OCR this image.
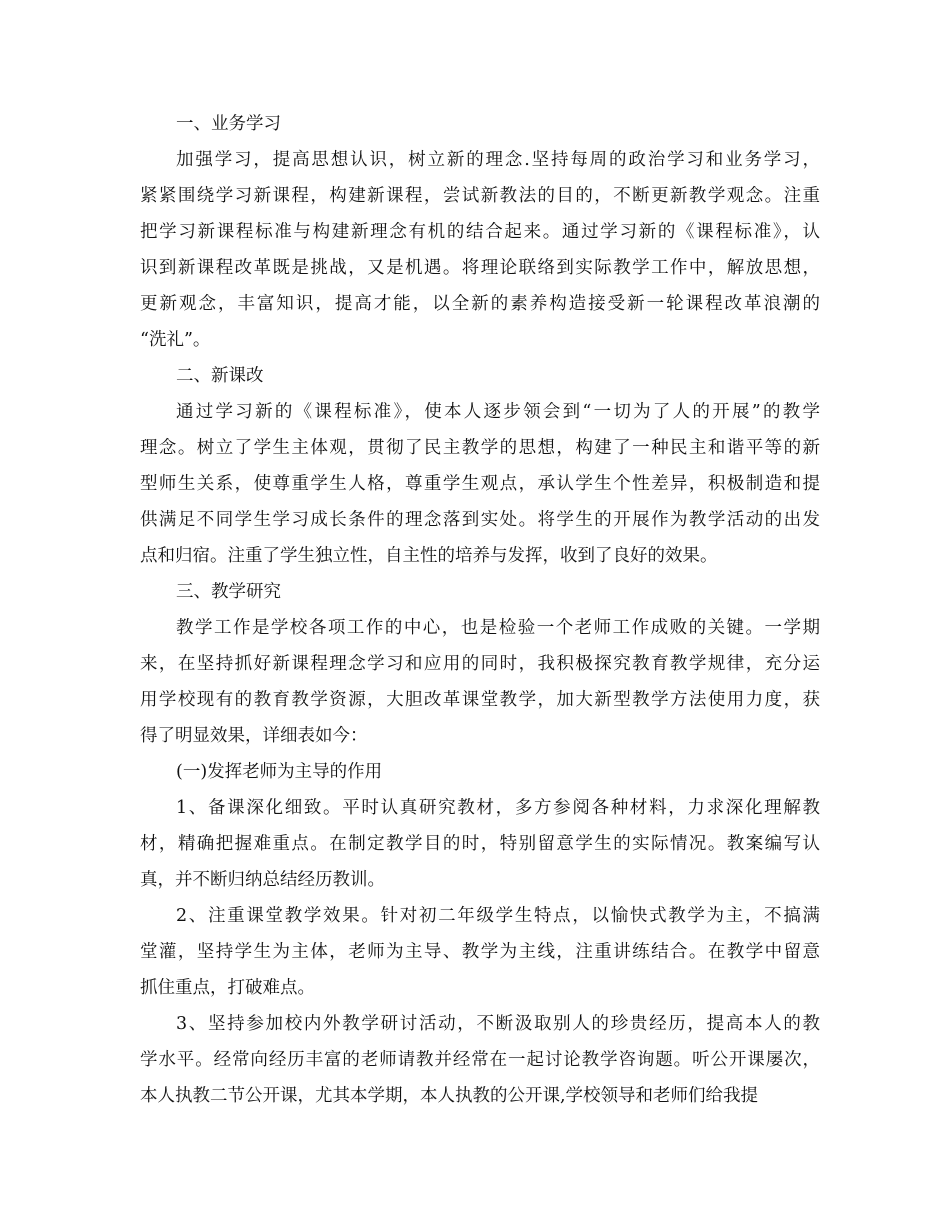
一、业务学习
加强学习，提高思想认识，树立新的理念.坚持每周的政治学习和业务学习，
紧紧围绕学习新课程，构建新课程，尝试新教法的目的，不断更新教学观念。注重
把学习新课程标准与构建新理念有机的结合起来。通过学习新的《课程标准》，认
识到新课程改革既是挑战，又是机遇。将理论联络到实际教学工作中，解放思想，
更新观念，丰富知识，提高才能，以全新的素养构造接受新一轮课程改革浪潮的
“洗礼”。
二、新课改
通过学习新的《课程标准》，使本人逐步领会到“一切为了人的开展”的教学
理念。树立了学生主体观，贯彻了民主教学的思想，构建了一种民主和谐平等的新
型师生关系，使尊重学生人格，尊重学生观点，承认学生个性差异，积极制造和提
供满足不同学生学习成长条件的理念落到实处。将学生的开展作为教学活动的出发
点和归宿。注重了学生独立性，自主性的培养与发挥，收到了良好的效果。
三、教学研究
教学工作是学校各项工作的中心，也是检验一个老师工作成败的关键。一学期
来，在坚持抓好新课程理念学习和应用的同时，我积极探究教育教学规律，充分运
用学校现有的教育教学资源，大胆改革课堂教学，加大新型教学方法使用力度，获
得了明显效果，详细表如今：
(一)发挥老师为主导的作用
1、备课深化细致。平时认真研究教材，多方参阅各种材料，力求深化理解教
材，精确把握难重点。在制定教学目的时，特别留意学生的实际情况。教案编写认
真，并不断归纳总结经历教训。
2、注重课堂教学效果。针对初二年级学生特点，以愉快式教学为主，不搞满
堂灌，坚持学生为主体，老师为主导、教学为主线，注重讲练结合。在教学中留意
抓住重点，打破难点。
3、坚持参加校内外教学研讨活动，不断汲取别人的珍贵经历，提高本人的教
学水平。经常向经历丰富的老师请教并经常在一起讨论教学咨询题。听公开课屡次，
本人执教二节公开课，尤其本学期，本人执教的公开课,学校领导和老师们给我提
